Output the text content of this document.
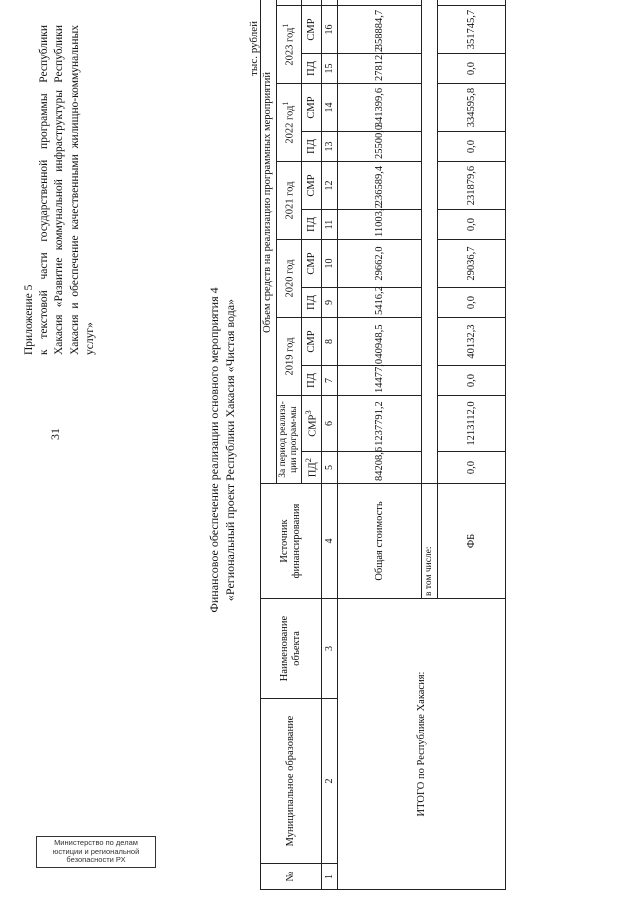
31
Приложение 5 к текстовой части государственной программы Республики Хакасия «Развитие коммунальной инфраструктуры Республики Хакасия и обеспечение качественными жилищно-коммунальных услуг»	Финансовое обеспечение реализации основного мероприятия 4 «Региональный проект Республики Хакасия «Чистая вода»
тыс. рублей
№	Муниципальное образование	Наименование объекта	Источник финансирования	Объем средств на реализацию программных мероприятий													
				За период реализа-ции програм-мы		2019 год		2020 год		2021 год		2022 год$^1$		2023 год$^1$	
				$ПД^2$	СМР$^3$	ПД	СМР	ПД	СМР	ПД	СМР	ПД	СМР	ПД	СМР		
1	2	3	4	5	6	7	8	9	10	11	12	13	14	15	16		
ИТОГО по Республике Хакасия:			Общая стоимость	84208,6	1237791,2	14477,0	40948,5	5416,2	29662,0	11003,2	236589,4	25500,0	341399,6	27812,2	358884,7		
			в том числе:														
			ФБ	0,0	1213112,0	0,0	40132,3	0,0	29036,7	0,0	231879,6	0,0	334595,8	0,0	351745,7		
Министерство по делам юстиции и региональной безопасности РХ
